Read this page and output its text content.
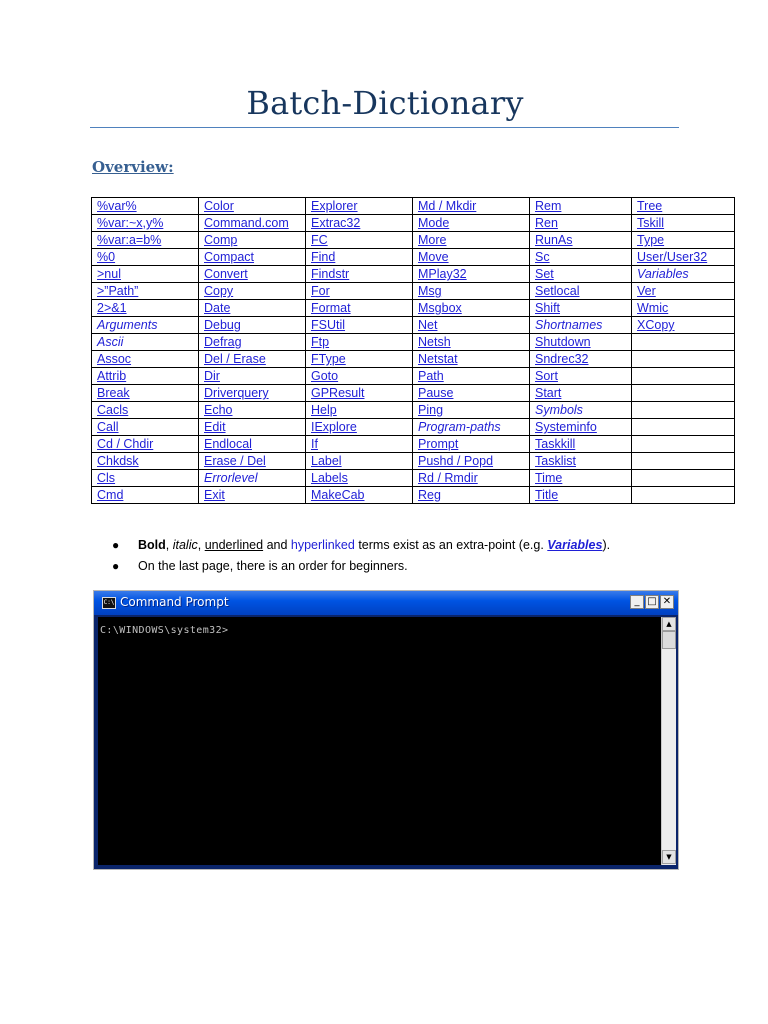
Batch-Dictionary
Overview:
%var%	Color	Explorer	Md / Mkdir	Rem	Tree
%var:~x,y%	Command.com	Extrac32	Mode	Ren	Tskill
%var:a=b%	Comp	FC	More	RunAs	Type
%0	Compact	Find	Move	Sc	User/User32
>nul	Convert	Findstr	MPlay32	Set	Variables
>”Path”	Copy	For	Msg	Setlocal	Ver
2>&1	Date	Format	Msgbox	Shift	Wmic
Arguments	Debug	FSUtil	Net	Shortnames	XCopy
Ascii	Defrag	Ftp	Netsh	Shutdown	
Assoc	Del / Erase	FType	Netstat	Sndrec32	
Attrib	Dir	Goto	Path	Sort	
Break	Driverquery	GPResult	Pause	Start	
Cacls	Echo	Help	Ping	Symbols	
Call	Edit	IExplore	Program-paths	Systeminfo	
Cd / Chdir	Endlocal	If	Prompt	Taskkill	
Chkdsk	Erase / Del	Label	Pushd / Popd	Tasklist	
Cls	Errorlevel	Labels	Rd / Rmdir	Time	
Cmd	Exit	MakeCab	Reg	Title	
● Bold, italic, underlined and hyperlinked terms exist as an extra-point (e.g. Variables).
● On the last page, there is an order for beginners.
C:\ Command Prompt	_ □ ✕
C:\WINDOWS\system32>
▲
▼
